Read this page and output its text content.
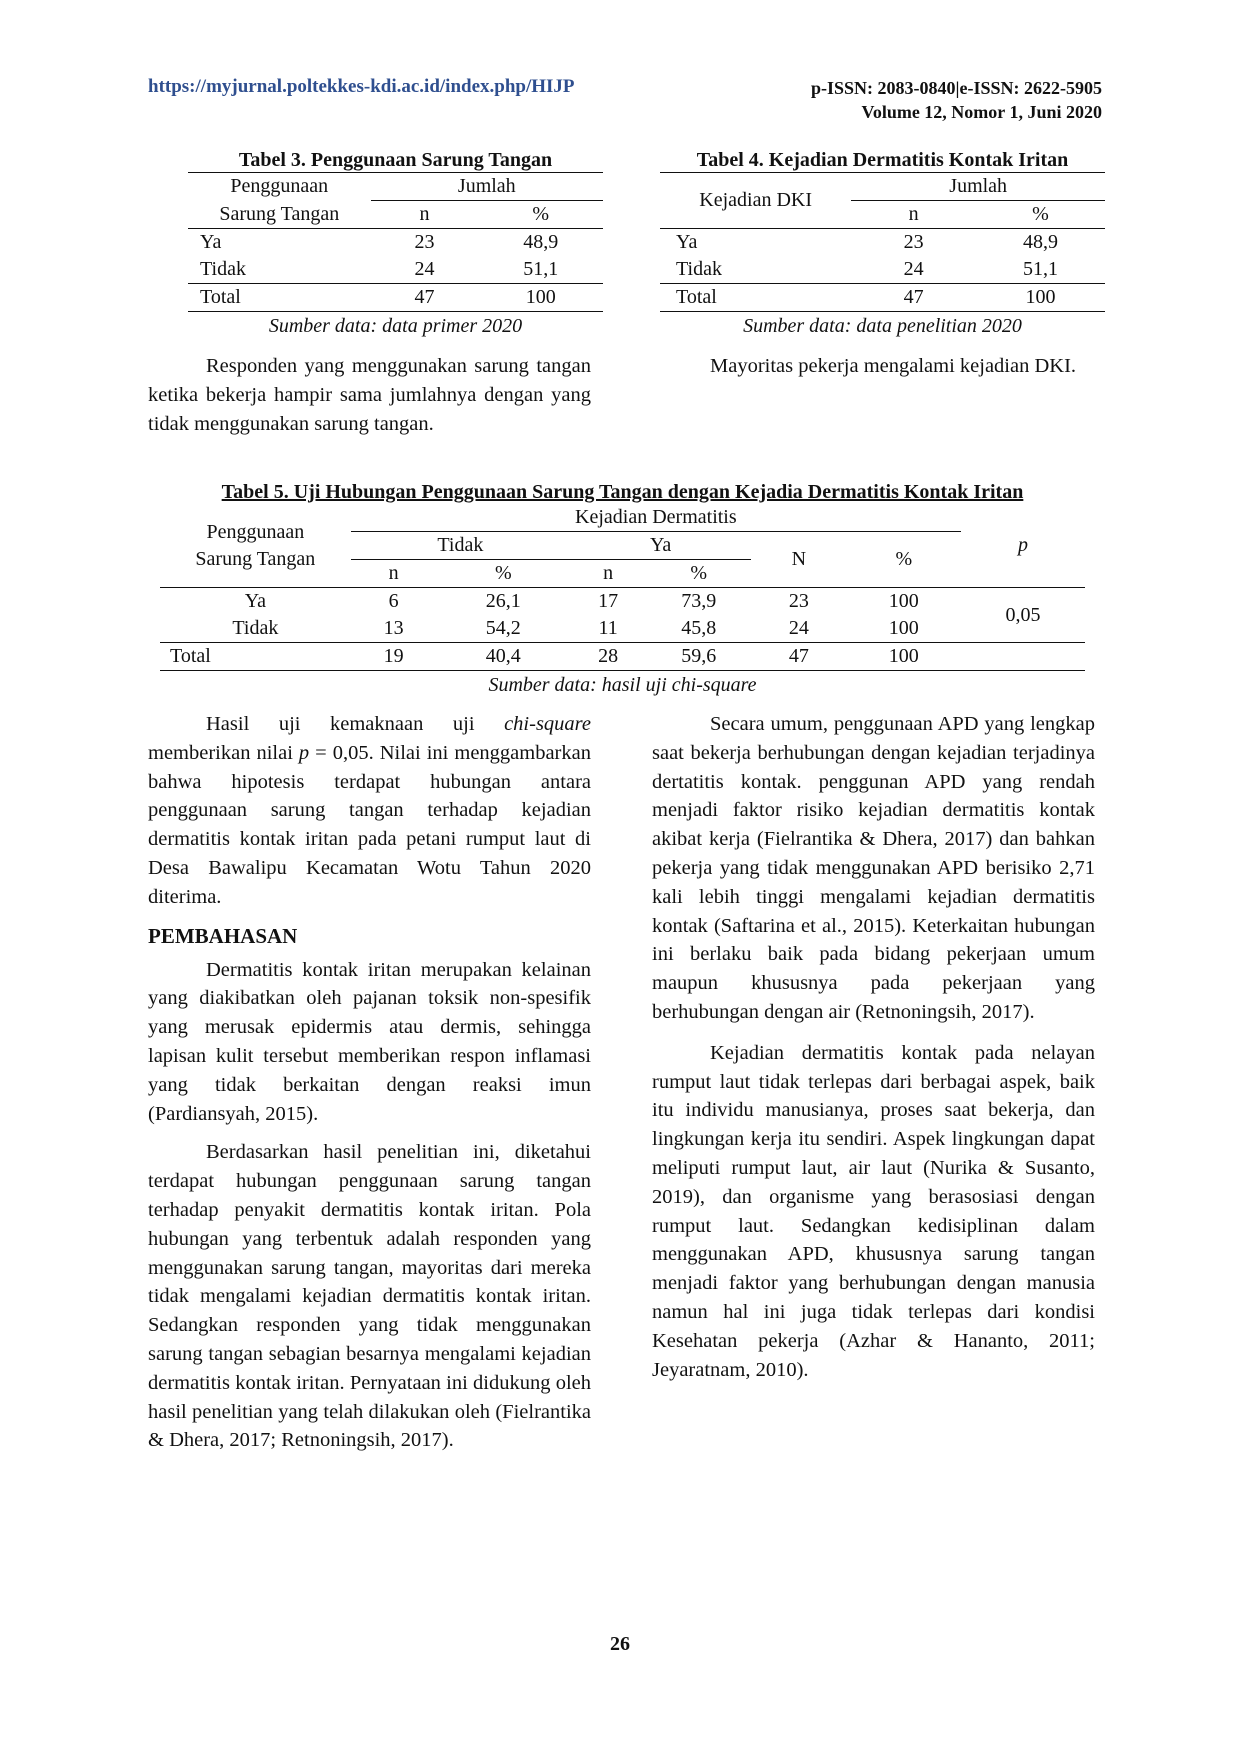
https://myjurnal.poltekkes-kdi.ac.id/index.php/HIJP	p-ISSN: 2083-0840|e-ISSN: 2622-5905
Volume 12, Nomor 1, Juni 2020
Tabel 3. Penggunaan Sarung Tangan
Penggunaan	Jumlah	
Sarung Tangan	n	%
Ya	23	48,9
Tidak	24	51,1
Total	47	100
Sumber data: data primer 2020
Tabel 4. Kejadian Dermatitis Kontak Iritan
Kejadian DKI	Jumlah	
	n	%
Ya	23	48,9
Tidak	24	51,1
Total	47	100
Sumber data: data penelitian 2020

Responden yang menggunakan sarung tangan ketika bekerja hampir sama jumlahnya dengan yang tidak menggunakan sarung tangan.

Mayoritas pekerja mengalami kejadian DKI.

Tabel 5. Uji Hubungan Penggunaan Sarung Tangan dengan Kejadia Dermatitis Kontak Iritan
Penggunaan
Sarung Tangan	Kejadian Dermatitis						p
	Tidak		Ya		N	%	
	n	%	n	%			
Ya	6	26,1	17	73,9	23	100	0,05
Tidak	13	54,2	11	45,8	24	100	
Total	19	40,4	28	59,6	47	100	
Sumber data: hasil uji chi-square

Hasil uji kemaknaan uji chi-square memberikan nilai p = 0,05. Nilai ini menggambarkan bahwa hipotesis terdapat hubungan antara penggunaan sarung tangan terhadap kejadian dermatitis kontak iritan pada petani rumput laut di Desa Bawalipu Kecamatan Wotu Tahun 2020 diterima.

PEMBAHASAN

Dermatitis kontak iritan merupakan kelainan yang diakibatkan oleh pajanan toksik non-spesifik yang merusak epidermis atau dermis, sehingga lapisan kulit tersebut memberikan respon inflamasi yang tidak berkaitan dengan reaksi imun (Pardiansyah, 2015).

Berdasarkan hasil penelitian ini, diketahui terdapat hubungan penggunaan sarung tangan terhadap penyakit dermatitis kontak iritan. Pola hubungan yang terbentuk adalah responden yang menggunakan sarung tangan, mayoritas dari mereka tidak mengalami kejadian dermatitis kontak iritan. Sedangkan responden yang tidak menggunakan sarung tangan sebagian besarnya mengalami kejadian dermatitis kontak iritan. Pernyataan ini didukung oleh hasil penelitian yang telah dilakukan oleh (Fielrantika & Dhera, 2017; Retnoningsih, 2017).

Secara umum, penggunaan APD yang lengkap saat bekerja berhubungan dengan kejadian terjadinya dertatitis kontak. penggunan APD yang rendah menjadi faktor risiko kejadian dermatitis kontak akibat kerja (Fielrantika & Dhera, 2017) dan bahkan pekerja yang tidak menggunakan APD berisiko 2,71 kali lebih tinggi mengalami kejadian dermatitis kontak (Saftarina et al., 2015). Keterkaitan hubungan ini berlaku baik pada bidang pekerjaan umum maupun khususnya pada pekerjaan yang berhubungan dengan air (Retnoningsih, 2017).

Kejadian dermatitis kontak pada nelayan rumput laut tidak terlepas dari berbagai aspek, baik itu individu manusianya, proses saat bekerja, dan lingkungan kerja itu sendiri. Aspek lingkungan dapat meliputi rumput laut, air laut (Nurika & Susanto, 2019), dan organisme yang berasosiasi dengan rumput laut. Sedangkan kedisiplinan dalam menggunakan APD, khususnya sarung tangan menjadi faktor yang berhubungan dengan manusia namun hal ini juga tidak terlepas dari kondisi Kesehatan pekerja (Azhar & Hananto, 2011; Jeyaratnam, 2010).

26
